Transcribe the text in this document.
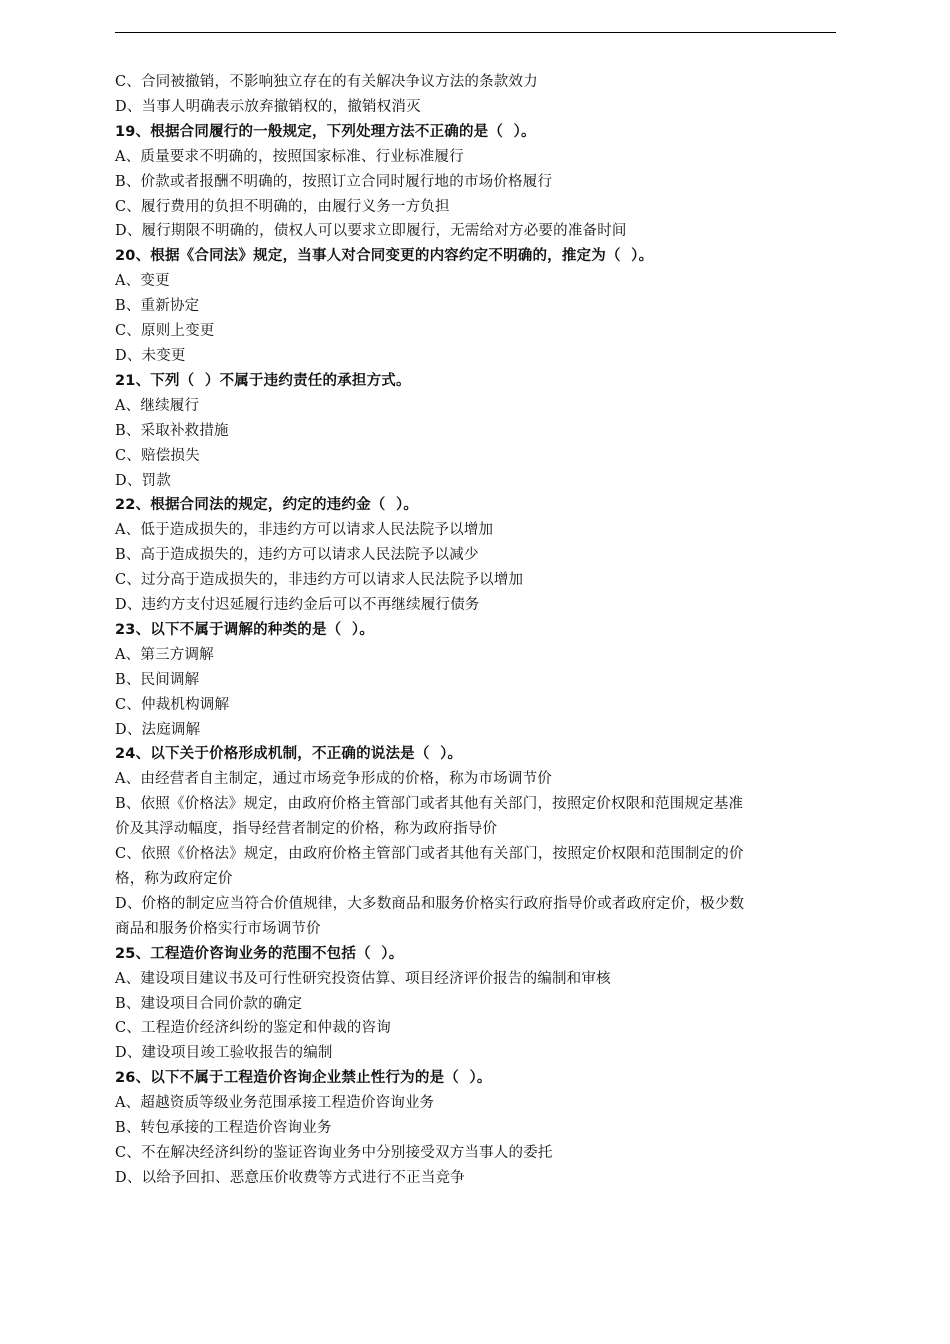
C、合同被撤销，不影响独立存在的有关解决争议方法的条款效力
D、当事人明确表示放弃撤销权的，撤销权消灭
19、根据合同履行的一般规定，下列处理方法不正确的是（  ）。
A、质量要求不明确的，按照国家标准、行业标准履行
B、价款或者报酬不明确的，按照订立合同时履行地的市场价格履行
C、履行费用的负担不明确的，由履行义务一方负担
D、履行期限不明确的，债权人可以要求立即履行，无需给对方必要的准备时间
20、根据《合同法》规定，当事人对合同变更的内容约定不明确的，推定为（  ）。
A、变更
B、重新协定
C、原则上变更
D、未变更
21、下列（  ）不属于违约责任的承担方式。
A、继续履行
B、采取补救措施
C、赔偿损失
D、罚款
22、根据合同法的规定，约定的违约金（  ）。
A、低于造成损失的，非违约方可以请求人民法院予以增加
B、高于造成损失的，违约方可以请求人民法院予以减少
C、过分高于造成损失的，非违约方可以请求人民法院予以增加
D、违约方支付迟延履行违约金后可以不再继续履行债务
23、以下不属于调解的种类的是（  ）。
A、第三方调解
B、民间调解
C、仲裁机构调解
D、法庭调解
24、以下关于价格形成机制，不正确的说法是（  ）。
A、由经营者自主制定，通过市场竞争形成的价格，称为市场调节价
B、依照《价格法》规定，由政府价格主管部门或者其他有关部门，按照定价权限和范围规定基准
价及其浮动幅度，指导经营者制定的价格，称为政府指导价
C、依照《价格法》规定，由政府价格主管部门或者其他有关部门，按照定价权限和范围制定的价
格，称为政府定价
D、价格的制定应当符合价值规律，大多数商品和服务价格实行政府指导价或者政府定价，极少数
商品和服务价格实行市场调节价
25、工程造价咨询业务的范围不包括（  ）。
A、建设项目建议书及可行性研究投资估算、项目经济评价报告的编制和审核
B、建设项目合同价款的确定
C、工程造价经济纠纷的鉴定和仲裁的咨询
D、建设项目竣工验收报告的编制
26、以下不属于工程造价咨询企业禁止性行为的是（  ）。
A、超越资质等级业务范围承接工程造价咨询业务
B、转包承接的工程造价咨询业务
C、不在解决经济纠纷的鉴证咨询业务中分别接受双方当事人的委托
D、以给予回扣、恶意压价收费等方式进行不正当竞争
